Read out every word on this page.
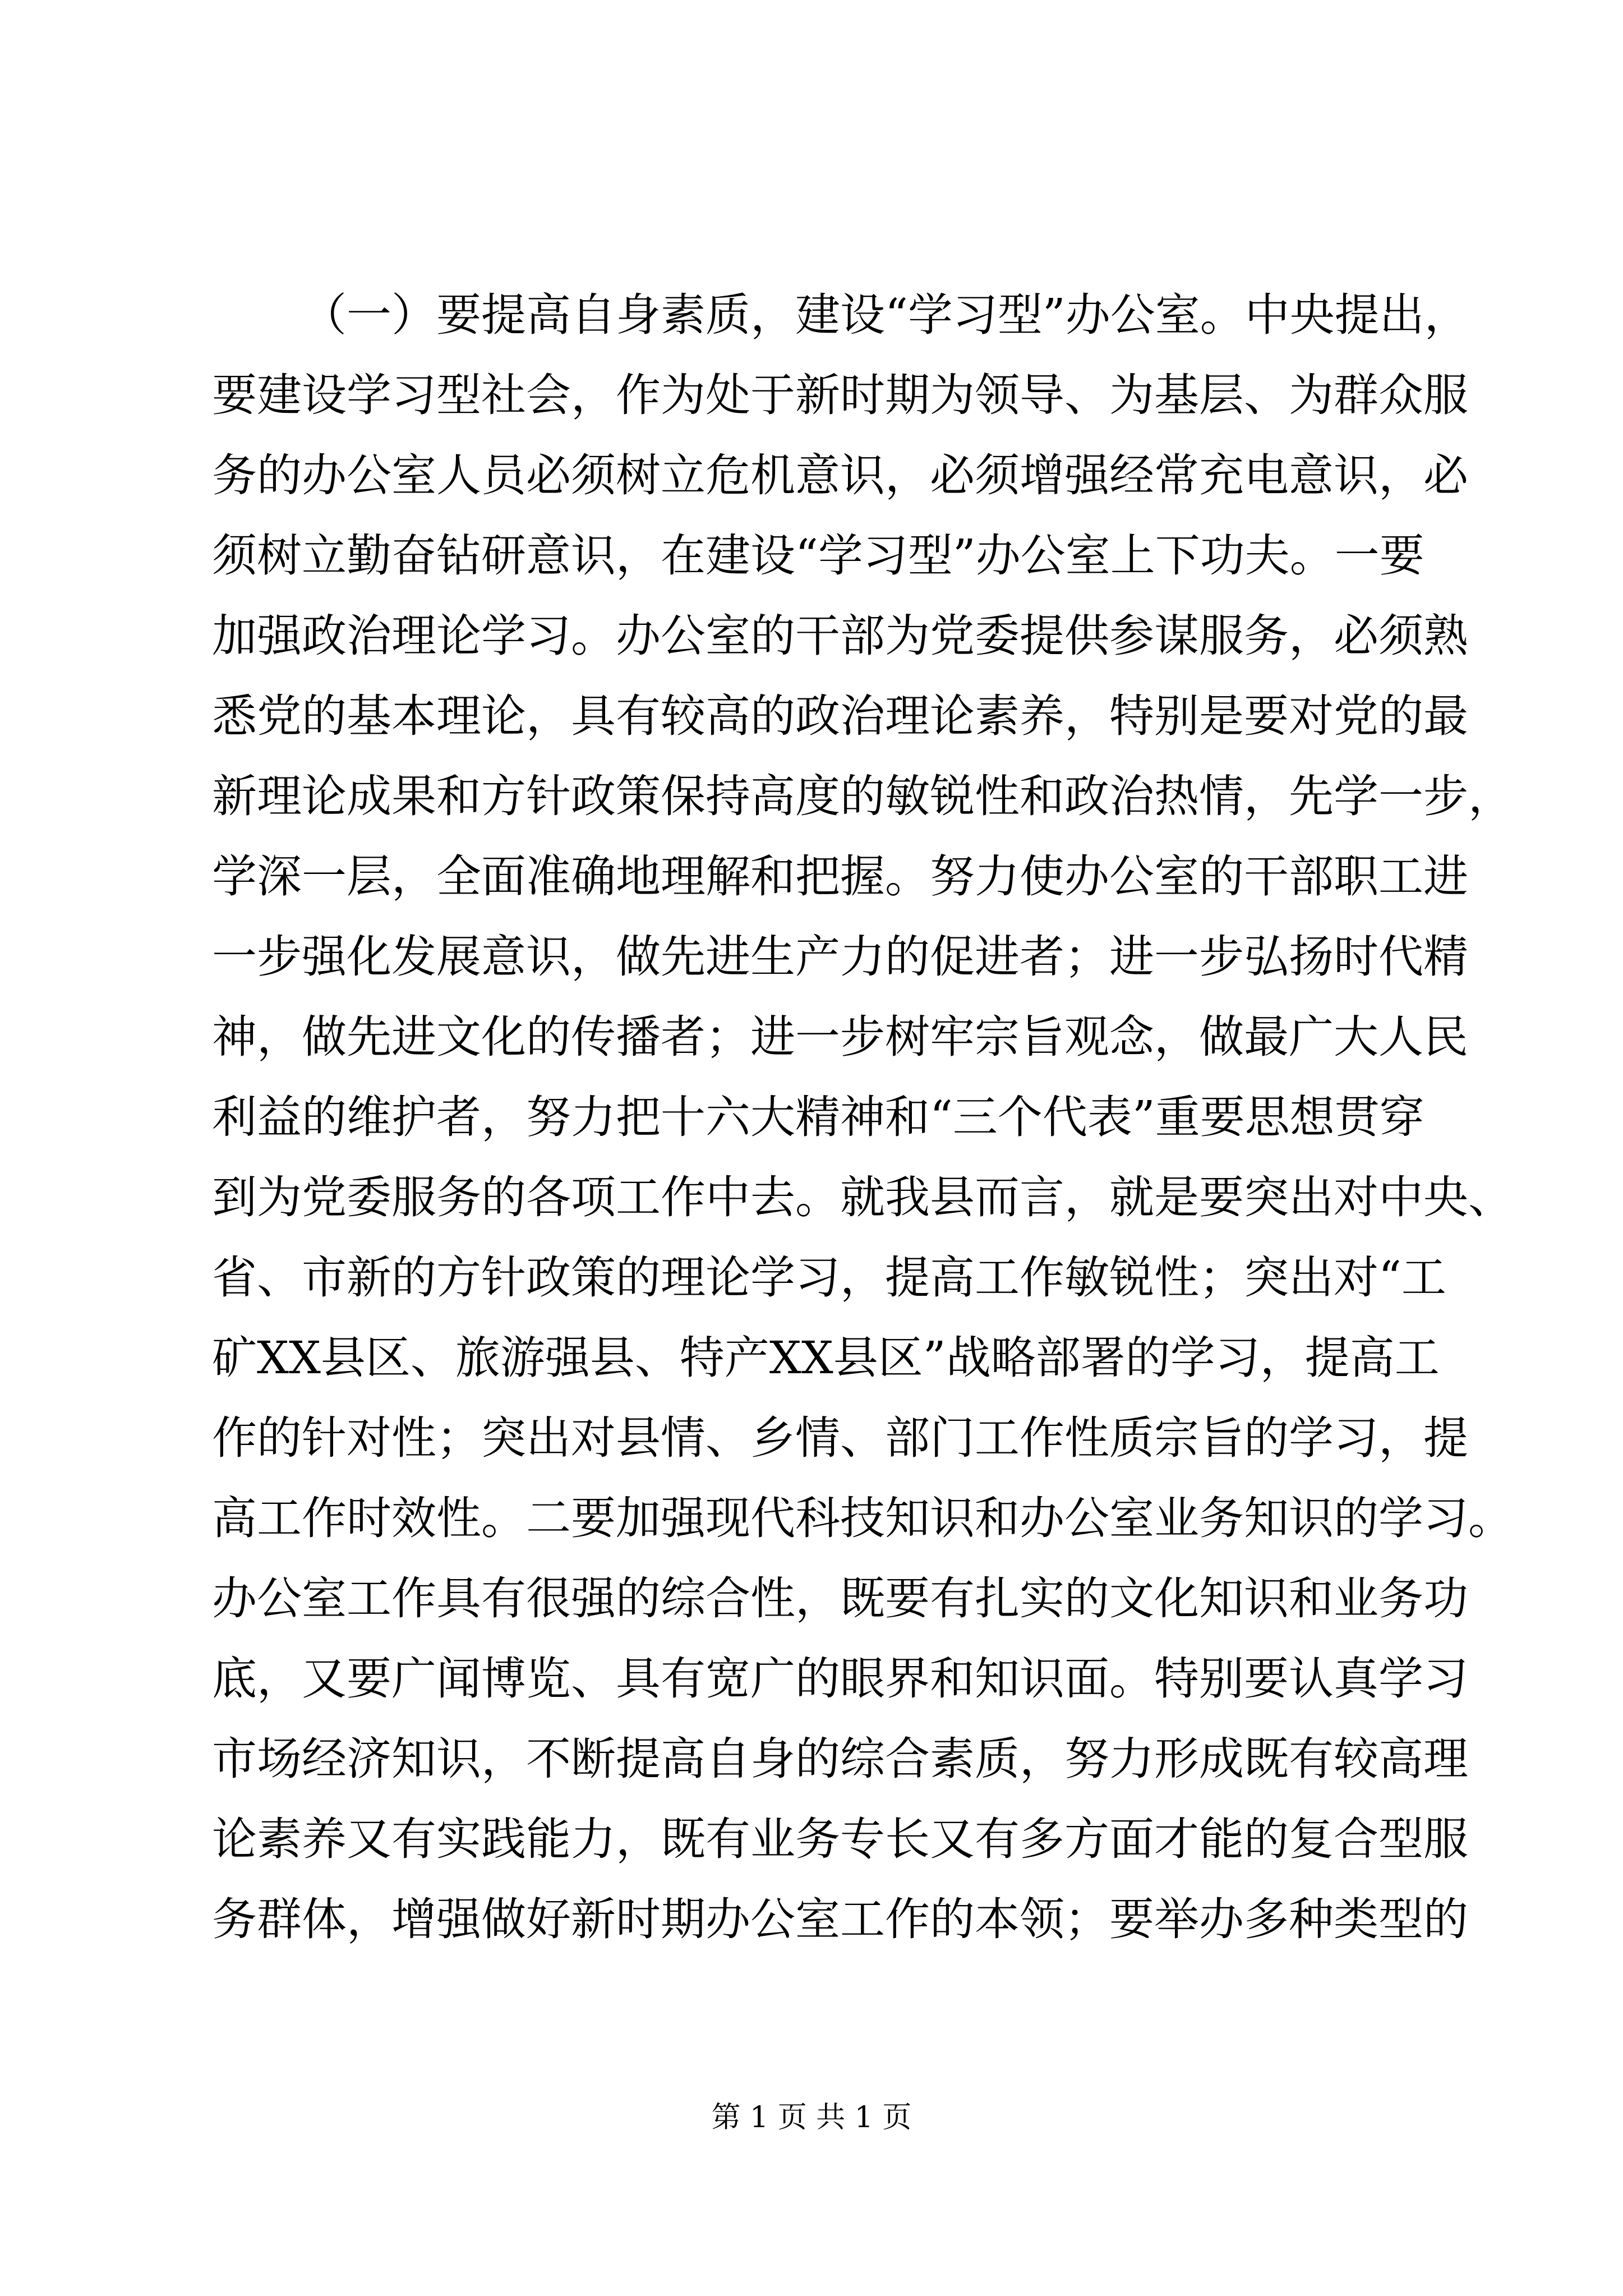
（一）要提高自身素质，建设“学习型”办公室。中央提出，
要建设学习型社会，作为处于新时期为领导、为基层、为群众服
务的办公室人员必须树立危机意识，必须增强经常充电意识，必
须树立勤奋钻研意识，在建设“学习型”办公室上下功夫。一要
加强政治理论学习。办公室的干部为党委提供参谋服务，必须熟
悉党的基本理论，具有较高的政治理论素养，特别是要对党的最
新理论成果和方针政策保持高度的敏锐性和政治热情，先学一步，
学深一层，全面准确地理解和把握。努力使办公室的干部职工进
一步强化发展意识，做先进生产力的促进者；进一步弘扬时代精
神，做先进文化的传播者；进一步树牢宗旨观念，做最广大人民
利益的维护者，努力把十六大精神和“三个代表”重要思想贯穿
到为党委服务的各项工作中去。就我县而言，就是要突出对中央、
省、市新的方针政策的理论学习，提高工作敏锐性；突出对“工
矿XX县区、旅游强县、特产XX县区”战略部署的学习，提高工
作的针对性；突出对县情、乡情、部门工作性质宗旨的学习，提
高工作时效性。二要加强现代科技知识和办公室业务知识的学习。
办公室工作具有很强的综合性，既要有扎实的文化知识和业务功
底，又要广闻博览、具有宽广的眼界和知识面。特别要认真学习
市场经济知识，不断提高自身的综合素质，努力形成既有较高理
论素养又有实践能力，既有业务专长又有多方面才能的复合型服
务群体，增强做好新时期办公室工作的本领；要举办多种类型的
第 1 页 共 1 页
